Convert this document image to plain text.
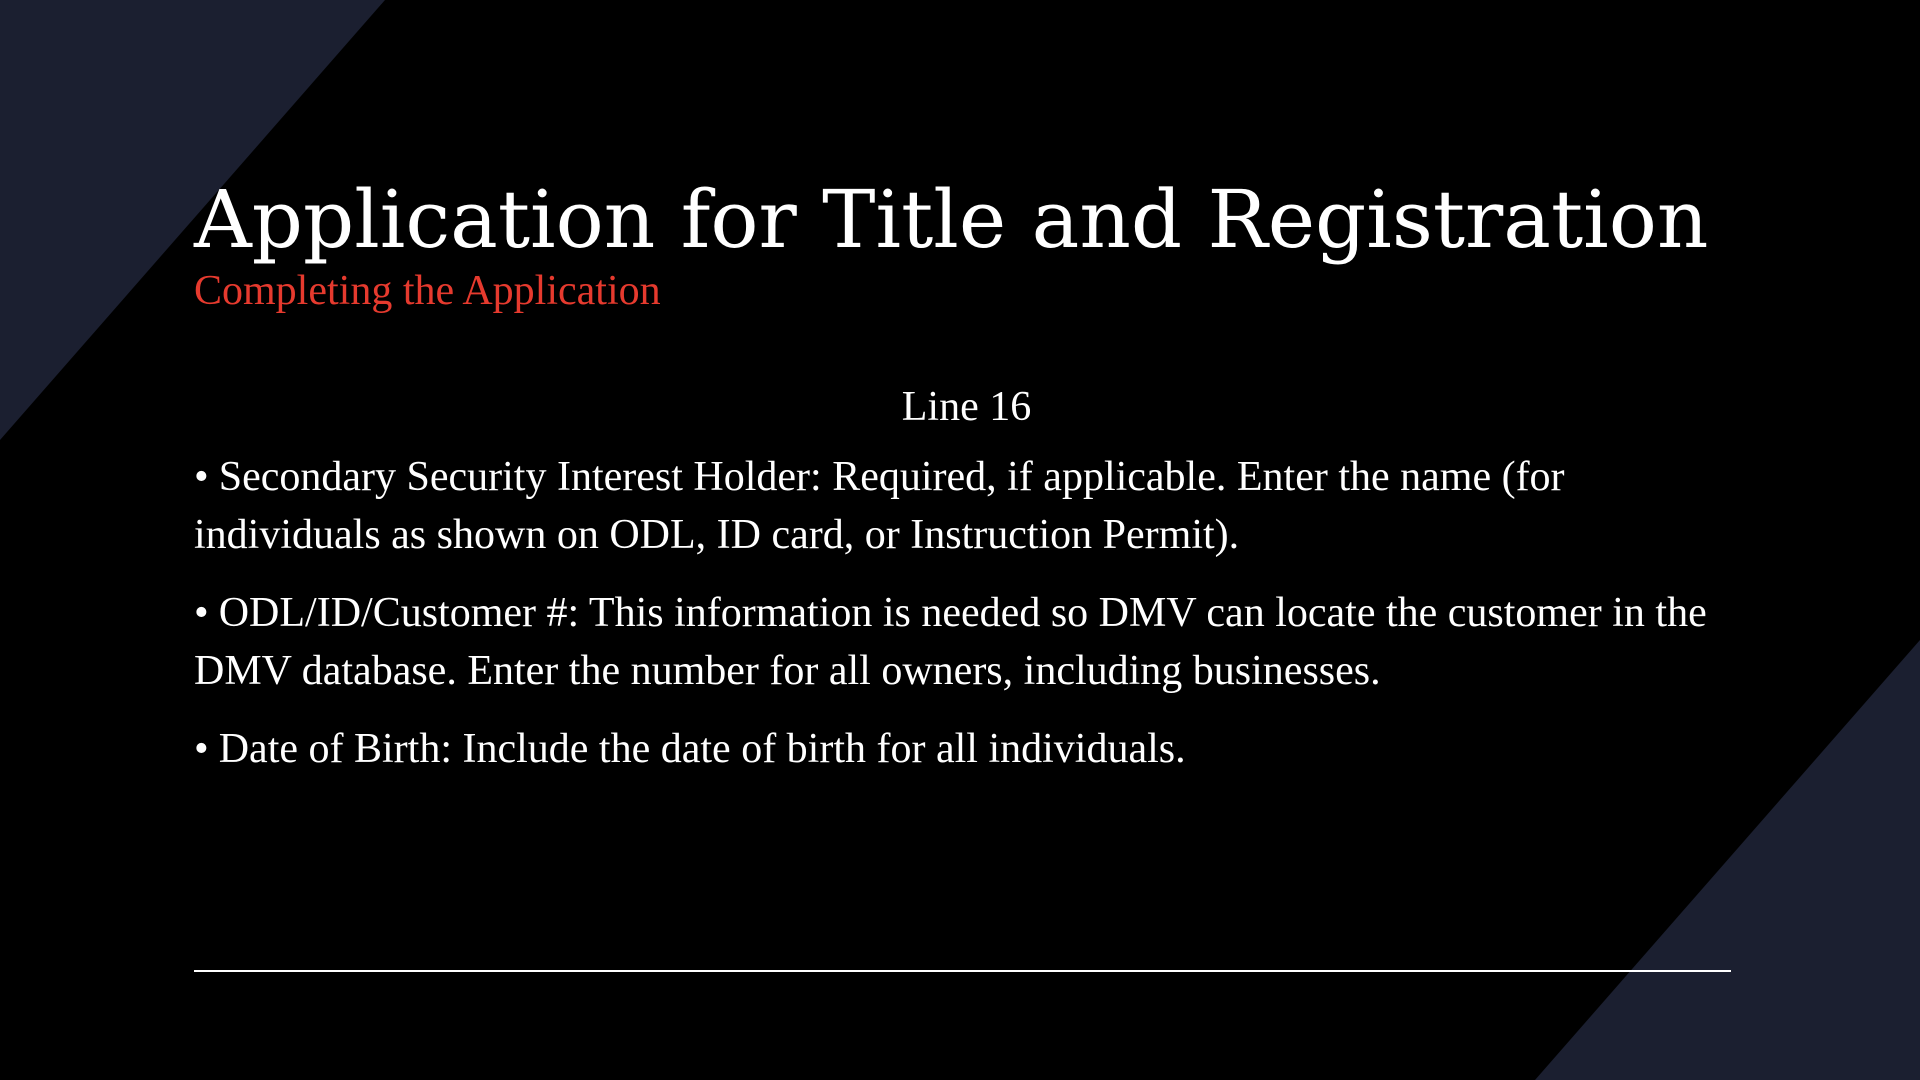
Application for Title and Registration
Completing the Application

Line 16

• Secondary Security Interest Holder: Required, if applicable. Enter the name (for individuals as shown on ODL, ID card, or Instruction Permit).

• ODL/ID/Customer #: This information is needed so DMV can locate the customer in the DMV database. Enter the number for all owners, including businesses.

• Date of Birth: Include the date of birth for all individuals.
